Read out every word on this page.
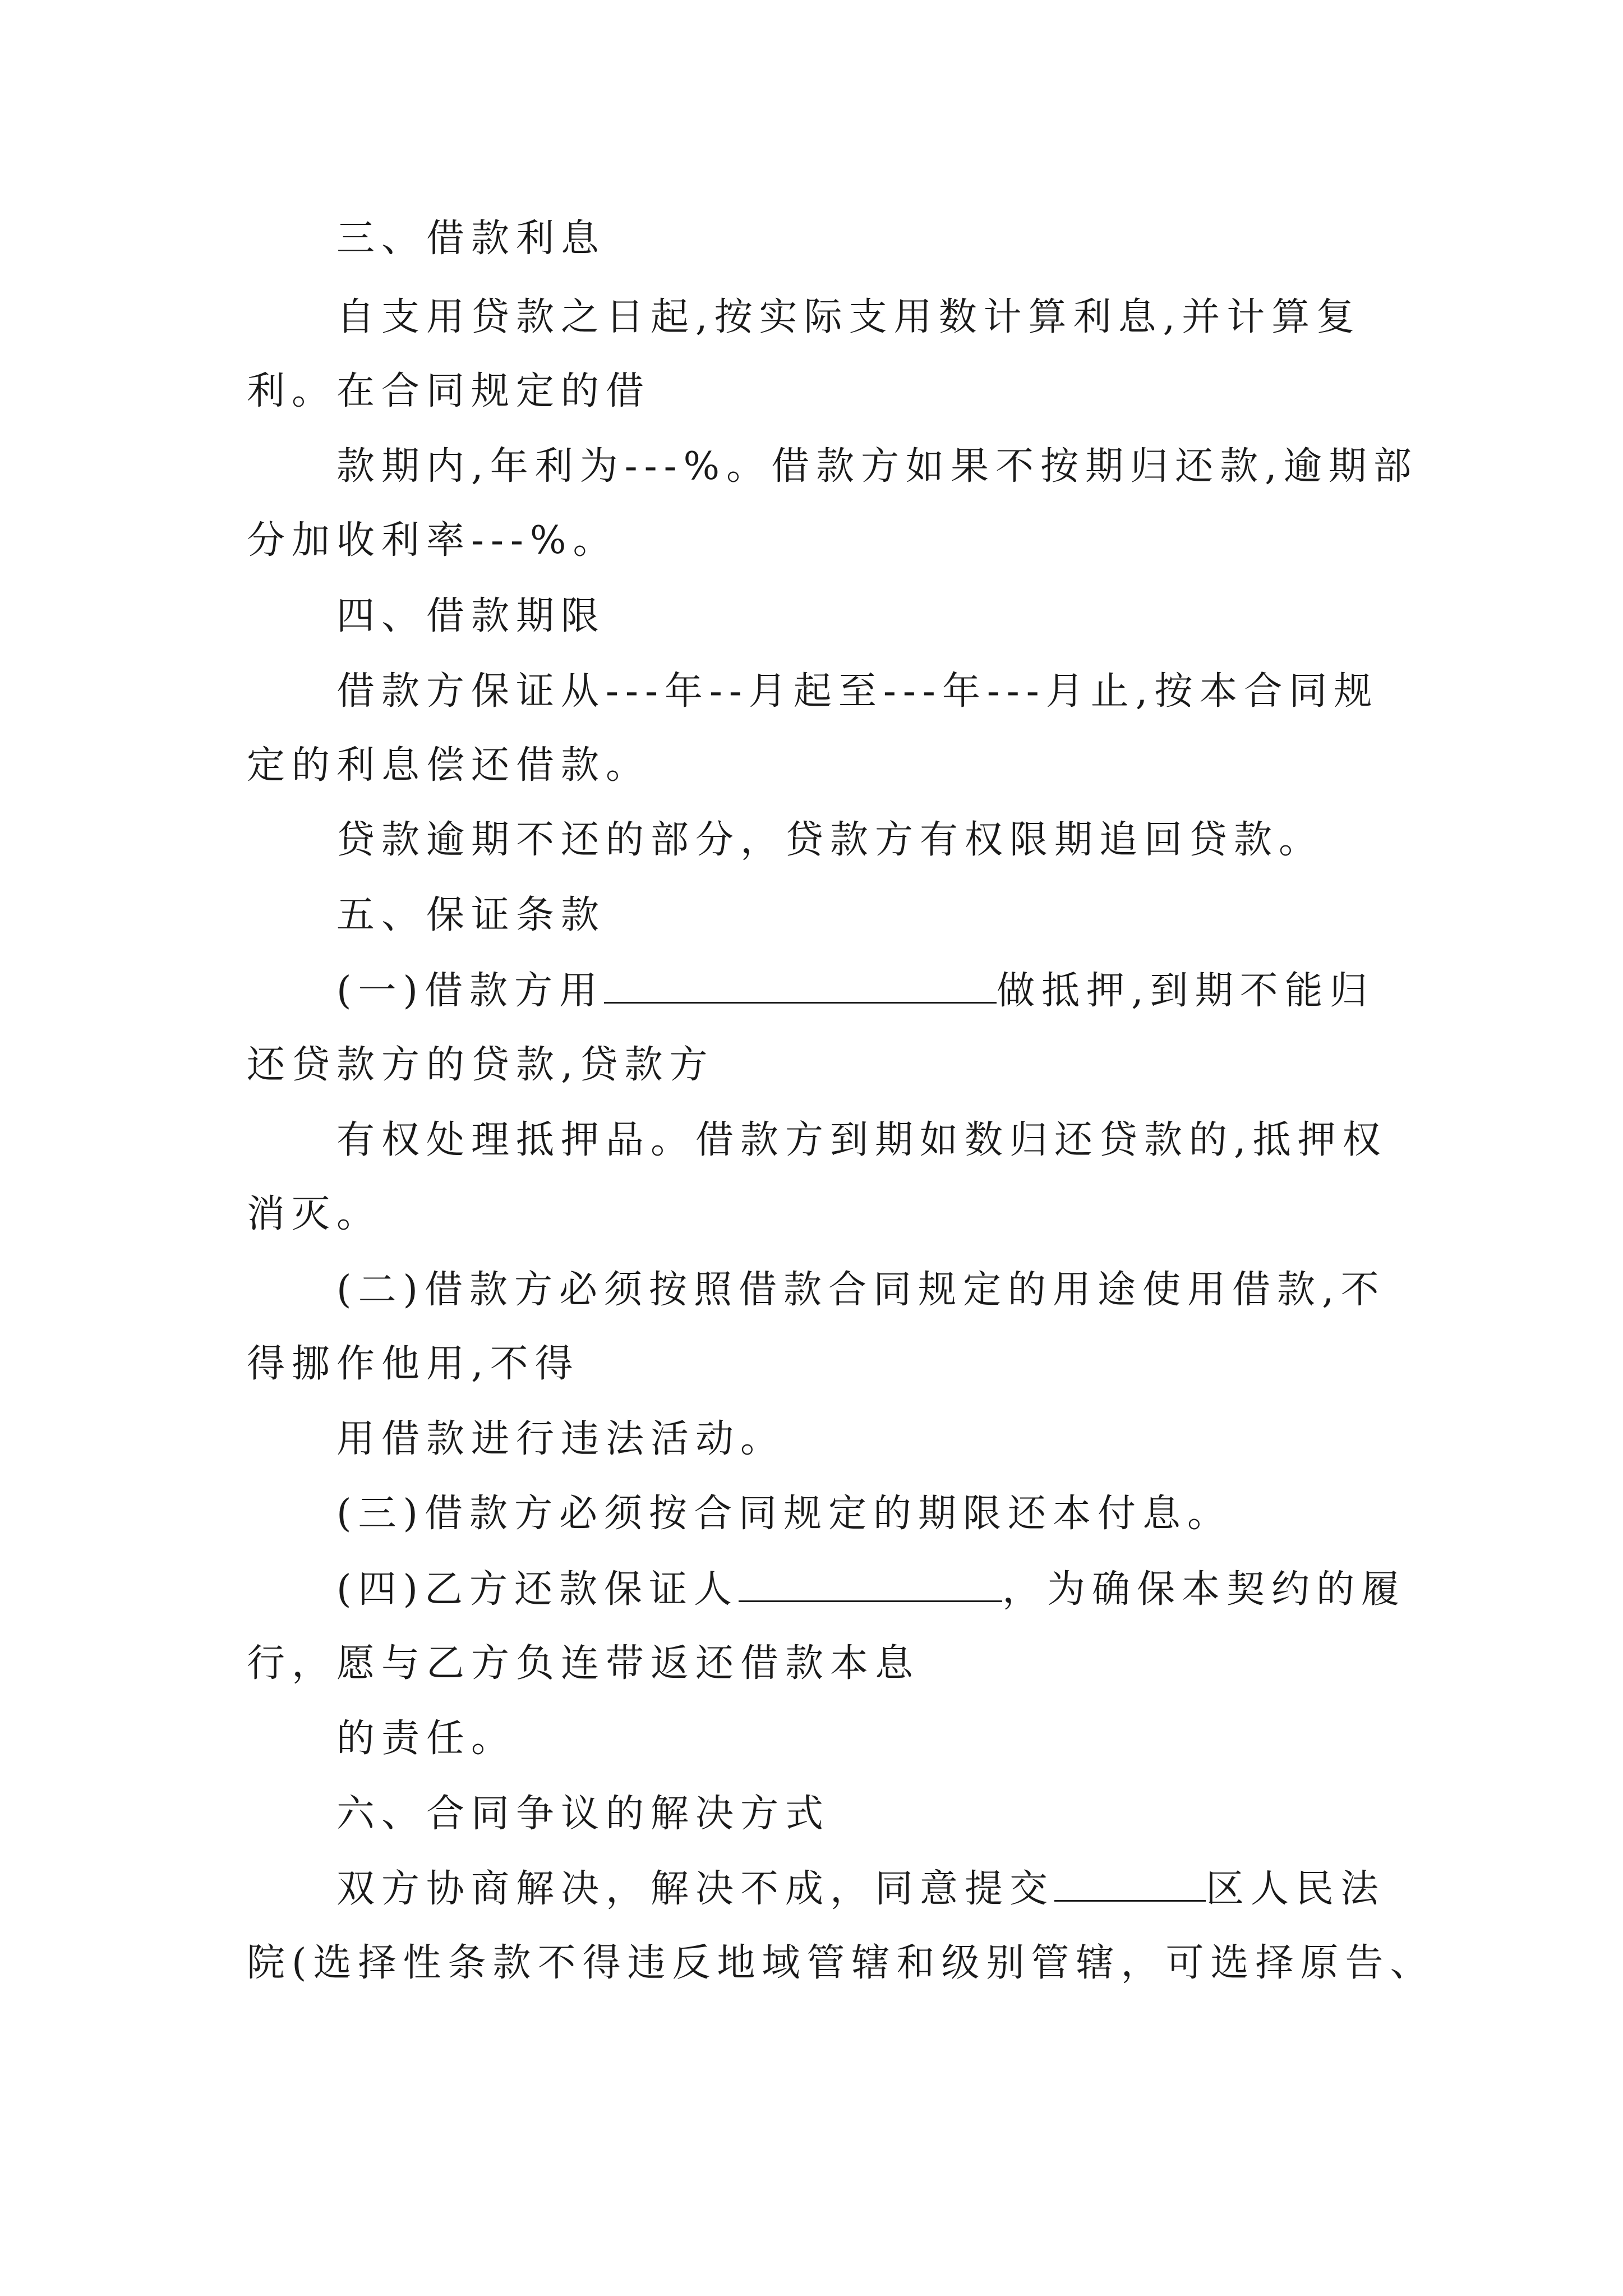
三、借款利息
自支用贷款之日起,按实际支用数计算利息,并计算复
利。在合同规定的借
款期内,年利为---%。借款方如果不按期归还款,逾期部
分加收利率---%。
四、借款期限
借款方保证从---年--月起至---年---月止,按本合同规
定的利息偿还借款。
贷款逾期不还的部分，贷款方有权限期追回贷款。
五、保证条款
(一)借款方用	做抵押,到期不能归
还贷款方的贷款,贷款方
有权处理抵押品。借款方到期如数归还贷款的,抵押权
消灭。
(二)借款方必须按照借款合同规定的用途使用借款,不
得挪作他用,不得
用借款进行违法活动。
(三)借款方必须按合同规定的期限还本付息。
(四)乙方还款保证人	，为确保本契约的履
行，愿与乙方负连带返还借款本息
的责任。
六、合同争议的解决方式
双方协商解决，解决不成，同意提交	区人民法
院(选择性条款不得违反地域管辖和级别管辖，可选择原告、
